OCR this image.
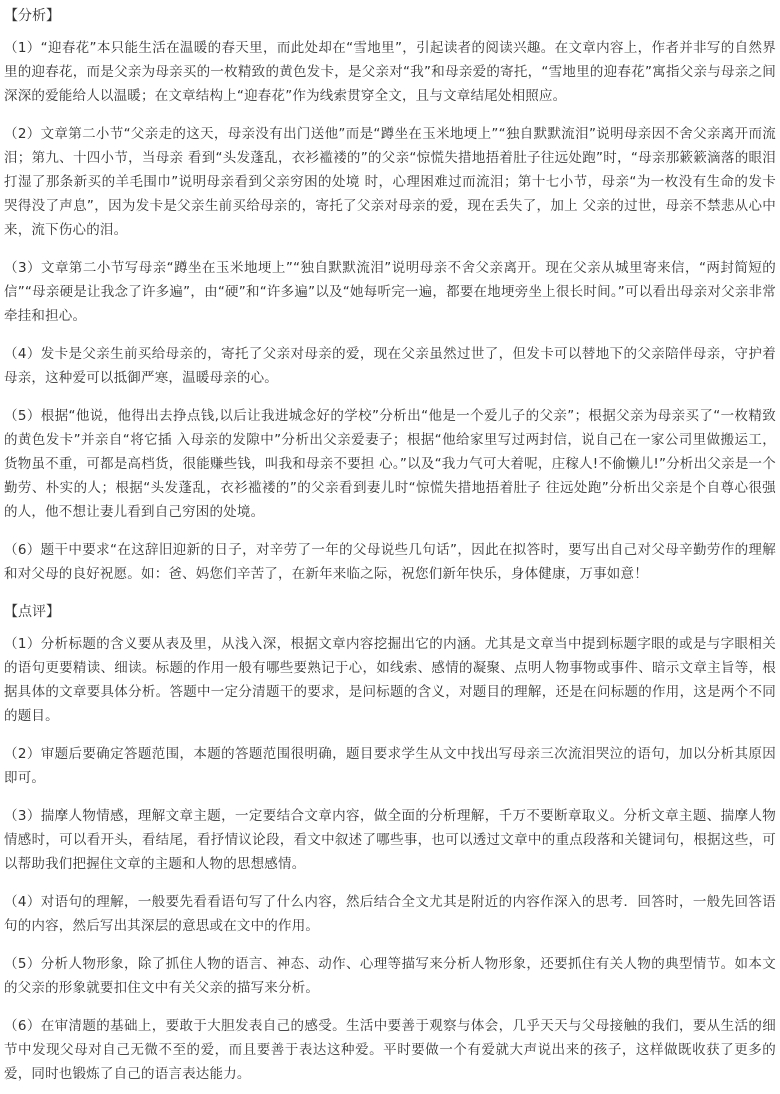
【分析】

（1）“迎春花”本只能生活在温暖的春天里，而此处却在“雪地里”，引起读者的阅读兴趣。在文章内容上，作者并非写的自然界里的迎春花，而是父亲为母亲买的一枚精致的黄色发卡，是父亲对“我”和母亲爱的寄托，“雪地里的迎春花”寓指父亲与母亲之间深深的爱能给人以温暖；在文章结构上“迎春花”作为线索贯穿全文，且与文章结尾处相照应。

（2）文章第二小节“父亲走的这天，母亲没有出门送他”而是“蹲坐在玉米地埂上”“独自默默流泪”说明母亲因不舍父亲离开而流泪；第九、十四小节，当母亲 看到“头发蓬乱，衣衫褴褛的”的父亲“惊慌失措地捂着肚子往远处跑”时，“母亲那簌簌滴落的眼泪打湿了那条新买的羊毛围巾”说明母亲看到父亲穷困的处境 时，心理困难过而流泪；第十七小节，母亲“为一枚没有生命的发卡哭得没了声息”，因为发卡是父亲生前买给母亲的，寄托了父亲对母亲的爱，现在丢失了，加上 父亲的过世，母亲不禁悲从心中来，流下伤心的泪。

（3）文章第二小节写母亲“蹲坐在玉米地埂上”“独自默默流泪”说明母亲不舍父亲离开。现在父亲从城里寄来信，“两封简短的信”“母亲硬是让我念了许多遍”，由“硬”和“许多遍”以及“她每听完一遍，都要在地埂旁坐上很长时间。”可以看出母亲对父亲非常牵挂和担心。

（4）发卡是父亲生前买给母亲的，寄托了父亲对母亲的爱，现在父亲虽然过世了，但发卡可以替地下的父亲陪伴母亲，守护着母亲，这种爱可以抵御严寒，温暖母亲的心。

（5）根据“他说，他得出去挣点钱,以后让我进城念好的学校”分析出“他是一个爱儿子的父亲”；根据父亲为母亲买了“一枚精致的黄色发卡”并亲自“将它插 入母亲的发隙中”分析出父亲爱妻子；根据“他给家里写过两封信，说自己在一家公司里做搬运工，货物虽不重，可都是高档货，很能赚些钱，叫我和母亲不要担 心。”以及“我力气可大着呢，庄稼人!不偷懒儿!”分析出父亲是一个勤劳、朴实的人；根据“头发蓬乱，衣衫褴褛的”的父亲看到妻儿时“惊慌失措地捂着肚子 往远处跑”分析出父亲是个自尊心很强的人，他不想让妻儿看到自己穷困的处境。

（6）题干中要求“在这辞旧迎新的日子，对辛劳了一年的父母说些几句话”，因此在拟答时，要写出自己对父母辛勤劳作的理解和对父母的良好祝愿。如：爸、妈您们辛苦了，在新年来临之际，祝您们新年快乐，身体健康，万事如意！

【点评】

（1）分析标题的含义要从表及里，从浅入深，根据文章内容挖掘出它的内涵。尤其是文章当中提到标题字眼的或是与字眼相关的语句更要精读、细读。标题的作用一般有哪些要熟记于心，如线索、感情的凝聚、点明人物事物或事件、暗示文章主旨等，根据具体的文章要具体分析。答题中一定分清题干的要求，是问标题的含义，对题目的理解，还是在问标题的作用，这是两个不同的题目。

（2）审题后要确定答题范围，本题的答题范围很明确，题目要求学生从文中找出写母亲三次流泪哭泣的语句，加以分析其原因即可。

（3）揣摩人物情感，理解文章主题，一定要结合文章内容，做全面的分析理解，千万不要断章取义。分析文章主题、揣摩人物情感时，可以看开头，看结尾，看抒情议论段，看文中叙述了哪些事，也可以透过文章中的重点段落和关键词句，根据这些，可以帮助我们把握住文章的主题和人物的思想感情。

（4）对语句的理解，一般要先看看语句写了什么内容，然后结合全文尤其是附近的内容作深入的思考．回答时，一般先回答语句的内容，然后写出其深层的意思或在文中的作用。

（5）分析人物形象，除了抓住人物的语言、神态、动作、心理等描写来分析人物形象，还要抓住有关人物的典型情节。如本文的父亲的形象就要扣住文中有关父亲的描写来分析。

（6）在审清题的基础上，要敢于大胆发表自己的感受。生活中要善于观察与体会，几乎天天与父母接触的我们，要从生活的细节中发现父母对自己无微不至的爱，而且要善于表达这种爱。平时要做一个有爱就大声说出来的孩子，这样做既收获了更多的爱，同时也锻炼了自己的语言表达能力。
